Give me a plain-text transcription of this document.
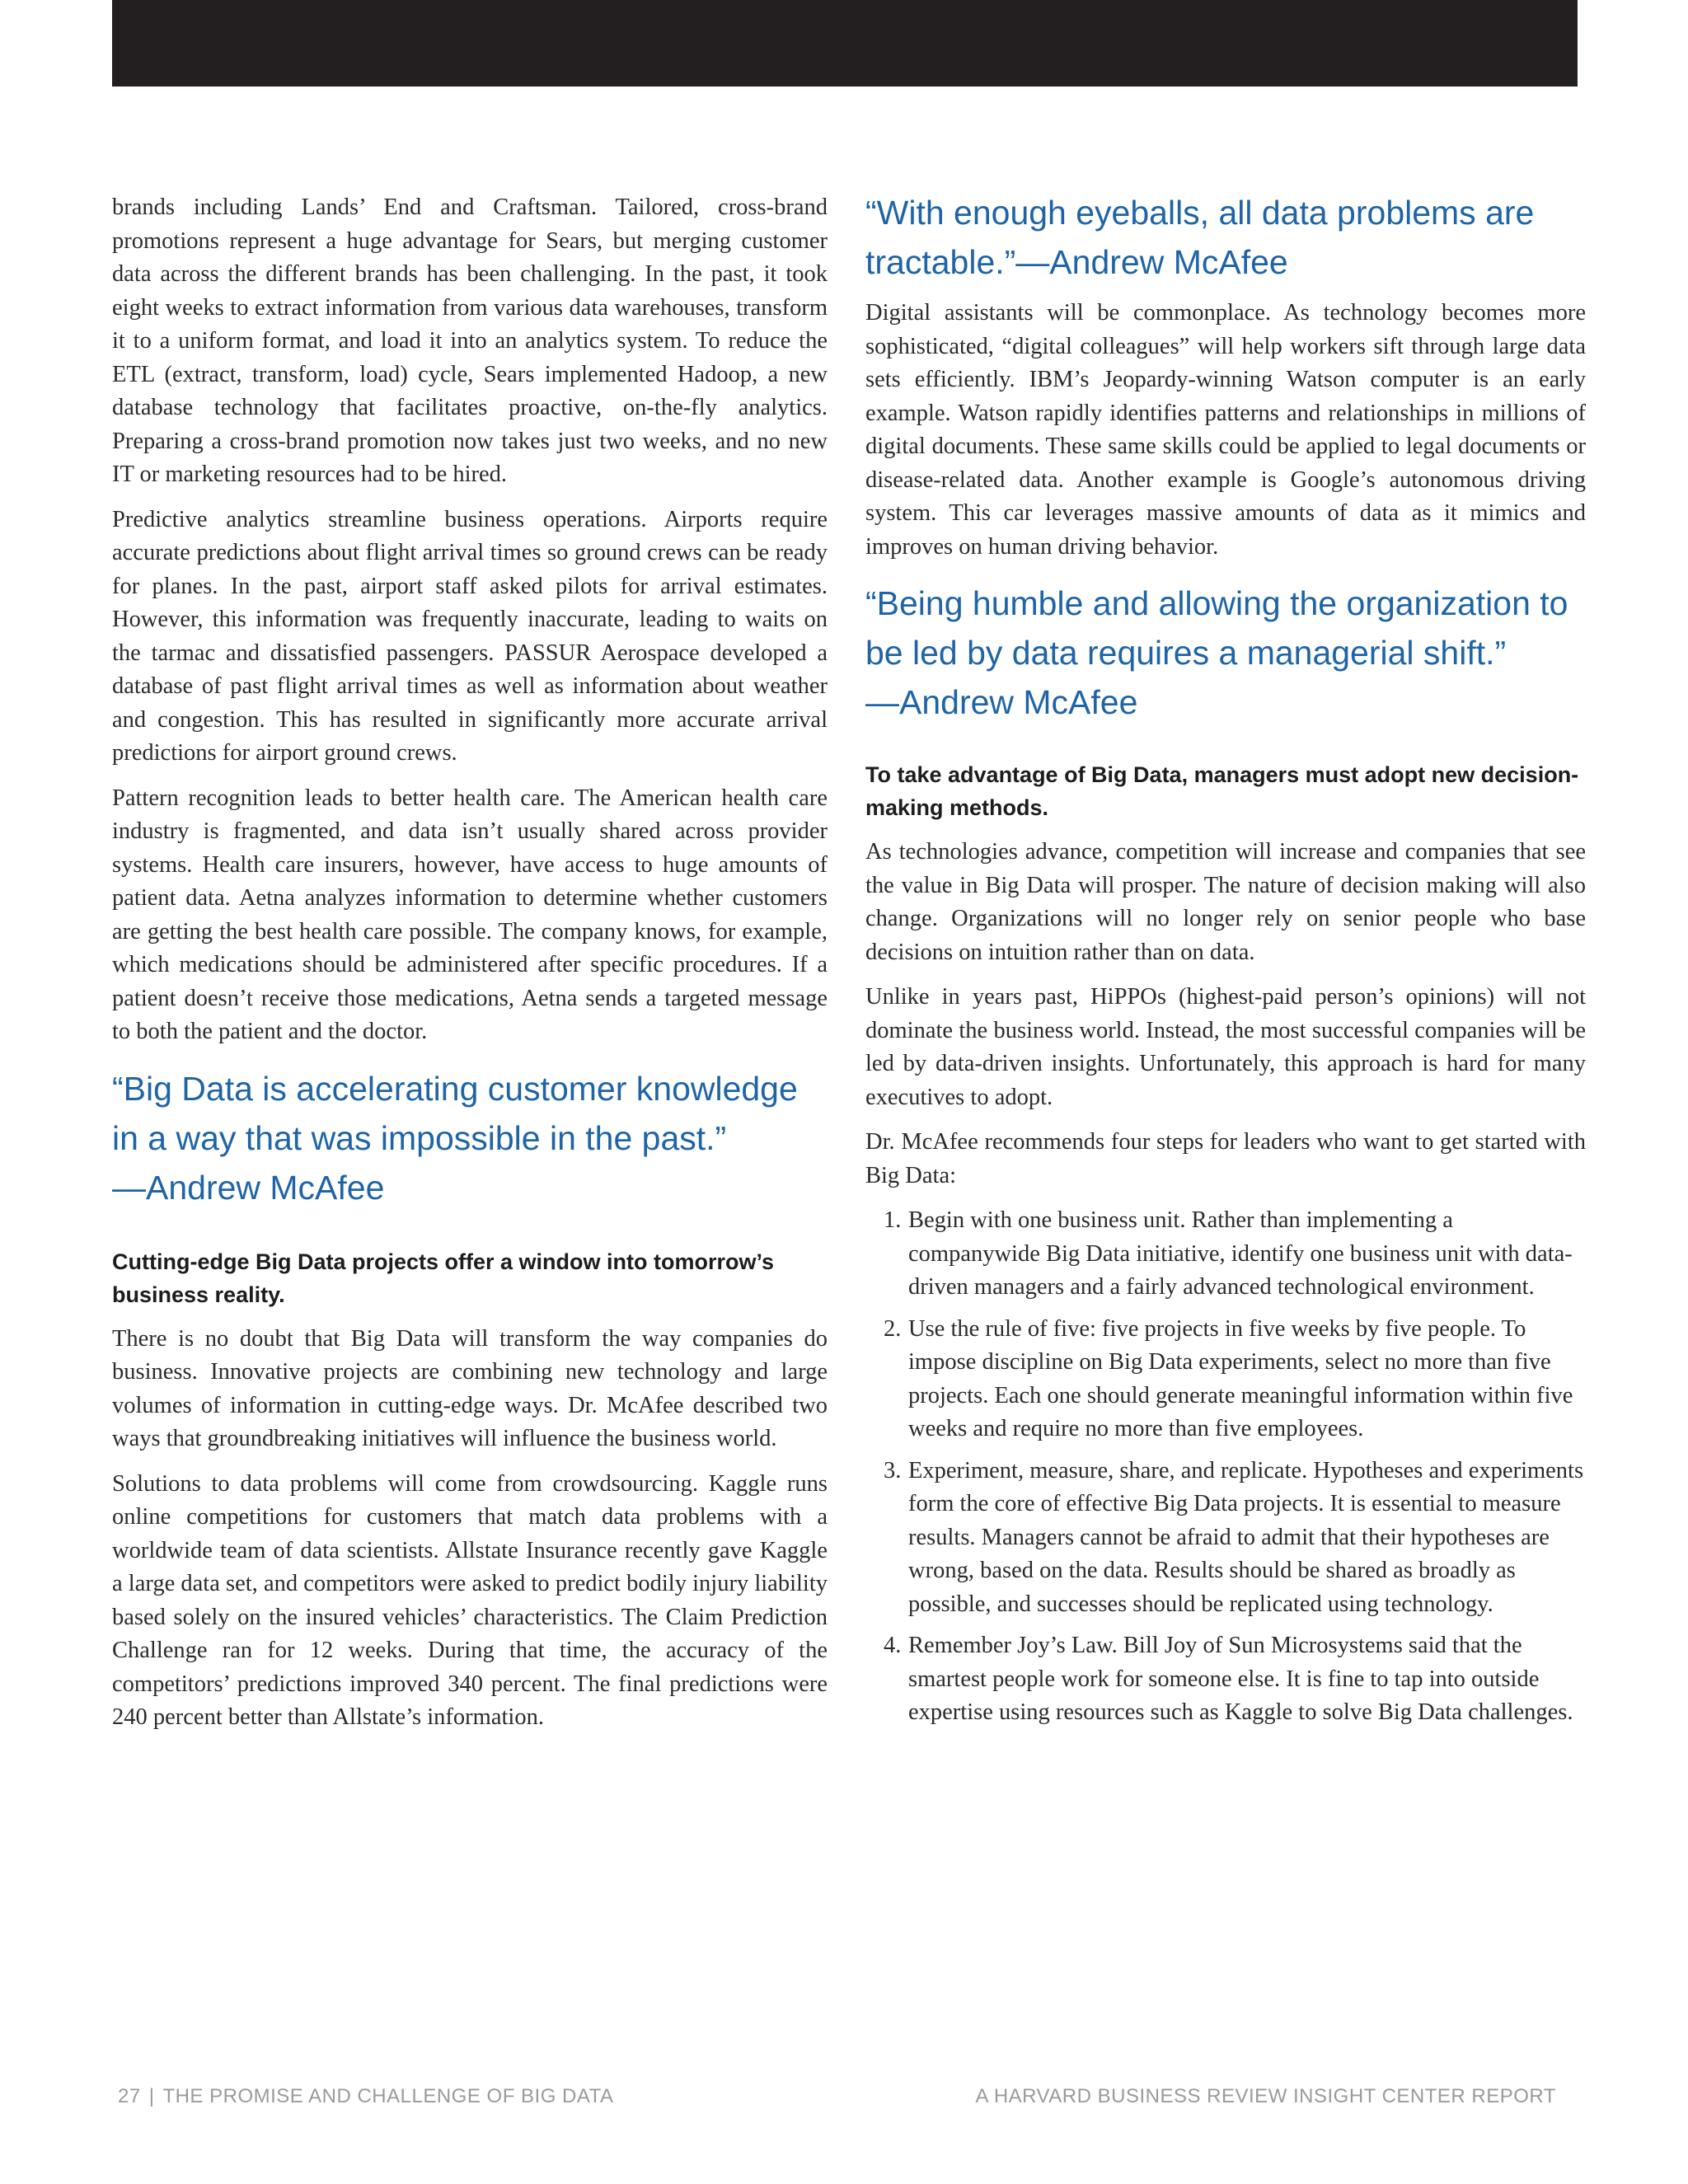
brands including Lands’ End and Craftsman. Tailored, cross-brand promotions represent a huge advantage for Sears, but merging customer data across the different brands has been challenging. In the past, it took eight weeks to extract information from various data warehouses, transform it to a uniform format, and load it into an analytics system. To reduce the ETL (extract, transform, load) cycle, Sears implemented Hadoop, a new database technology that facilitates proactive, on-the-fly analytics. Preparing a cross-brand promotion now takes just two weeks, and no new IT or marketing resources had to be hired.

Predictive analytics streamline business operations. Airports require accurate predictions about flight arrival times so ground crews can be ready for planes. In the past, airport staff asked pilots for arrival estimates. However, this information was frequently inaccurate, leading to waits on the tarmac and dissatisfied passengers. PASSUR Aerospace developed a database of past flight arrival times as well as information about weather and congestion. This has resulted in significantly more accurate arrival predictions for airport ground crews.

Pattern recognition leads to better health care. The American health care industry is fragmented, and data isn’t usually shared across provider systems. Health care insurers, however, have access to huge amounts of patient data. Aetna analyzes information to determine whether customers are getting the best health care possible. The company knows, for example, which medications should be administered after specific procedures. If a patient doesn’t receive those medications, Aetna sends a targeted message to both the patient and the doctor.

“Big Data is accelerating customer knowledge
in a way that was impossible in the past.”
—Andrew McAfee
Cutting-edge Big Data projects offer a window into tomorrow’s business reality.

There is no doubt that Big Data will transform the way companies do business. Innovative projects are combining new technology and large volumes of information in cutting-edge ways. Dr. McAfee described two ways that groundbreaking initiatives will influence the business world.

Solutions to data problems will come from crowdsourcing. Kaggle runs online competitions for customers that match data problems with a worldwide team of data scientists. Allstate Insurance recently gave Kaggle a large data set, and competitors were asked to predict bodily injury liability based solely on the insured vehicles’ characteristics. The Claim Prediction Challenge ran for 12 weeks. During that time, the accuracy of the competitors’ predictions improved 340 percent. The final predictions were 240 percent better than Allstate’s information.

“With enough eyeballs, all data problems are
tractable.”—Andrew McAfee

Digital assistants will be commonplace. As technology becomes more sophisticated, “digital colleagues” will help workers sift through large data sets efficiently. IBM’s Jeopardy-winning Watson computer is an early example. Watson rapidly identifies patterns and relationships in millions of digital documents. These same skills could be applied to legal documents or disease-related data. Another example is Google’s autonomous driving system. This car leverages massive amounts of data as it mimics and improves on human driving behavior.

“Being humble and allowing the organization to
be led by data requires a managerial shift.”
—Andrew McAfee
To take advantage of Big Data, managers must adopt new decision-making methods.

As technologies advance, competition will increase and companies that see the value in Big Data will prosper. The nature of decision making will also change. Organizations will no longer rely on senior people who base decisions on intuition rather than on data.

Unlike in years past, HiPPOs (highest-paid person’s opinions) will not dominate the business world. Instead, the most successful companies will be led by data-driven insights. Unfortunately, this approach is hard for many executives to adopt.

Dr. McAfee recommends four steps for leaders who want to get started with Big Data:

1. Begin with one business unit. Rather than implementing a companywide Big Data initiative, identify one business unit with data-driven managers and a fairly advanced technological environment.
2. Use the rule of five: five projects in five weeks by five people. To impose discipline on Big Data experiments, select no more than five projects. Each one should generate meaningful information within five weeks and require no more than five employees.
3. Experiment, measure, share, and replicate. Hypotheses and experiments form the core of effective Big Data projects. It is essential to measure results. Managers cannot be afraid to admit that their hypotheses are wrong, based on the data. Results should be shared as broadly as possible, and successes should be replicated using technology.
4. Remember Joy’s Law. Bill Joy of Sun Microsystems said that the smartest people work for someone else. It is fine to tap into outside expertise using resources such as Kaggle to solve Big Data challenges.
27 | THE PROMISE AND CHALLENGE OF BIG DATA	A HARVARD BUSINESS REVIEW INSIGHT CENTER REPORT
